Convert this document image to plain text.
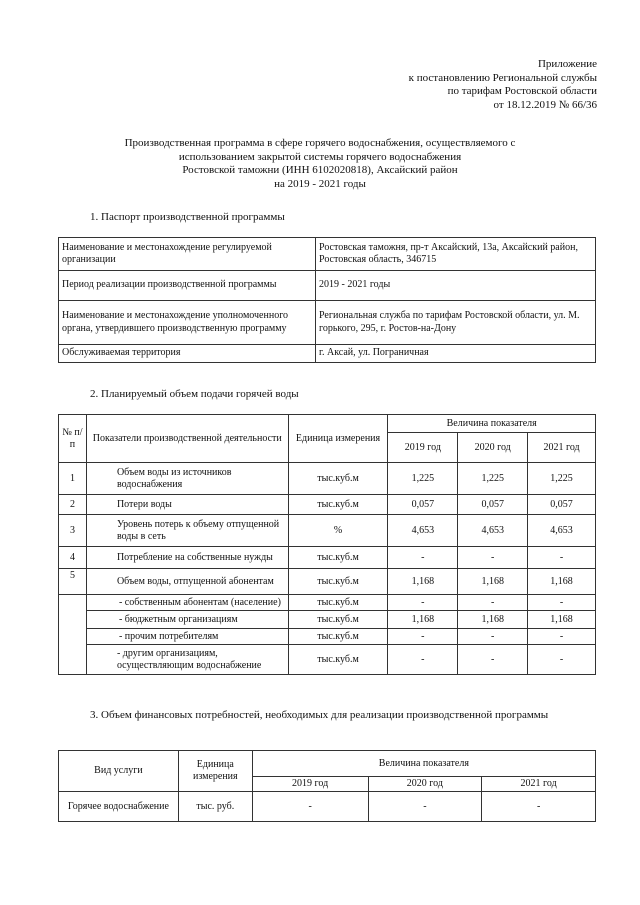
Приложение
к постановлению Региональной службы
по тарифам Ростовской области
от 18.12.2019 № 66/36
Производственная программа в сфере горячего водоснабжения, осуществляемого с
использованием закрытой системы горячего водоснабжения
Ростовской таможни (ИНН 6102020818), Аксайский район
на 2019 - 2021 годы
1. Паспорт производственной программы
Наименование и местонахождение регулируемой организации	Ростовская таможня, пр-т Аксайский, 13а, Аксайский район, Ростовская область, 346715
Период реализации производственной программы	2019 - 2021 годы
Наименование и местонахождение уполномоченного органа, утвердившего производственную программу	Региональная служба по тарифам Ростовской области, ул. М. горького, 295, г. Ростов-на-Дону
Обслуживаемая территория	г. Аксай, ул. Пограничная
2. Планируемый объем подачи горячей воды
№ п/п	Показатели производственной деятельности	Единица измерения	Величина показателя		
			2019 год	2020 год	2021 год
1	Объем воды из источников водоснабжения	тыс.куб.м	1,225	1,225	1,225
2	Потери воды	тыс.куб.м	0,057	0,057	0,057
3	Уровень потерь к объему отпущенной воды в сеть	%	4,653	4,653	4,653
4	Потребление на собственные нужды	тыс.куб.м	-	-	-
5	Объем воды, отпущенной абонентам	тыс.куб.м	1,168	1,168	1,168
	- собственным абонентам (население)	тыс.куб.м	-	-	-
	- бюджетным организациям	тыс.куб.м	1,168	1,168	1,168
	- прочим потребителям	тыс.куб.м	-	-	-
	- другим организациям, осуществляющим водоснабжение	тыс.куб.м	-	-	-
3. Объем финансовых потребностей, необходимых для реализации производственной программы
Вид услуги	Единица измерения	Величина показателя		
		2019 год	2020 год	2021 год
Горячее водоснабжение	тыс. руб.	-	-	-
